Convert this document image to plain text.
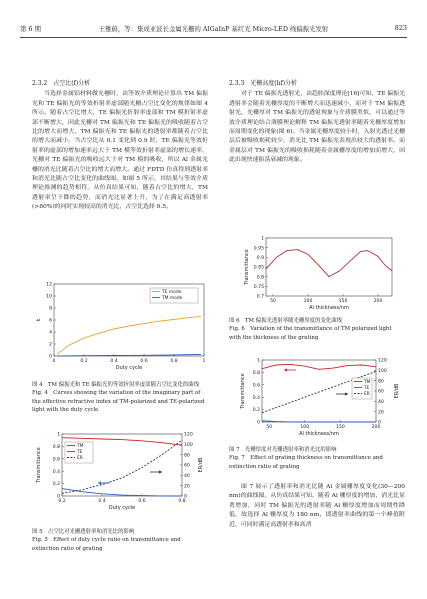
第 6 期	王雅蔚，等：集成亚波长金属光栅的 AlGaInP 基红光 Micro-LED 线偏振光发射	823
2.3.2　占空比(f)分析

当选择金属铝材料做光栅时，由等效介质理论计算出 TM 偏振光和 TE 偏振光的等效折射率虚部随光栅占空比变化的规律如图 4 所示。随着占空比增大，TE 偏振光折射率虚部和 TM 模折射率虚部不断增大，因此光栅对 TM 偏振光和 TE 偏振光的吸收随着占空比的增大而增大，TM 偏振光和 TE 偏振光的透射率都随着占空比的增大而减小。当占空比从 0.1 变化到 0.9 时，TE 偏振光等效折射率的虚部的增加速率远大于 TM 模等效折射率虚部的增长速率，光栅对 TE 偏振光的吸收远大于对 TM 模的吸收，所以 Al 金属光栅的消光比随着占空比的增大而增大。通过 FDTD 仿真得到透射率和消光比随占空比变化的曲线图，如图 5 所示，其结果与等效介质理论推测的趋势相符。从仿真结果可知，随着占空比的增大，TM 透射率呈下降的趋势，而消光比显著上升，为了在满足高透射率(>80%)的同时实现较高的消光比，占空比选择 0.5。

0	0.2	0.4	0.6	0.8	1
0
2
4
6
8
10
12
Duty cycle
k
TE mode
TM mode
图 4　TM 偏振光和 TE 偏振光的等效折射率虚部随占空比变化的曲线
Fig. 4　Curves showing the variation of the imaginary part of the effective refractive index of TM-polarized and TE-polarized light with the duty cycle
0.2	0.4	0.6	0.8
0
0.2
0.4
0.6
0.8
1
0
20
40
60
80
100
120
Duty cycle
Transmittance	ER/dB
TM
TE
ER
图 5　占空比对光栅透射率和消光比的影响
Fig. 5　Effect of duty cycle ratio on transmittance and extinction ratio of grating
2.3.3　光栅高度(hf)分析

对于 TE 偏振光透射光，由趋肤深度理论[16]可知，TE 偏振光透射率会随着光栅厚度的不断增大而迅速减小，而对于 TM 偏振透射光，光栅厚对 TM 偏振光的透射现象与介质膜类似，可以通过等效介质理论结合薄膜理论解释 TM 偏振光透射率随着光栅厚度增加而周期变化的现象(图 6)。当金属光栅厚度较小时，入射光透过光栅层后被吸收损耗较少，消光比 TM 偏振光表现出较大的透射率。而金属层对 TM 偏振光的吸收损耗随着金属栅厚度的增加而增大，因此出现快速振荡衰减的现象。

50	100	150	200
0.7
0.75
0.8
0.85
0.9
0.95
1
Al thickness/nm
Transmittance
图 6　TM 偏振光透射率随光栅厚度的变化曲线
Fig. 6　Variation of the transmittance of TM polarized light with the thickness of the grating
50	100	150	200
0
0.2
0.4
0.6
0.8
1
0
20
40
60
80
100
120
Al thickness/nm
Transmittance	ER/dB
TM
TE
ER
图 7　光栅厚度对光栅透射率和消光比的影响
Fig. 7　Effect of grating thickness on transmittance and extinction ratio of grating

图 7 展示了透射率和消光比随 Al 金属栅厚度变化(30—200 nm)的曲线图。从仿真结果可知，随着 Al 栅厚度的增加，消光比显著增加，同时 TM 偏振光的透射率随 Al 栅厚度增加而周期性降低，故选择 Al 栅厚度为 180 nm，即透射率曲线的第一个峰值附近，可同时满足高透射率和高消
